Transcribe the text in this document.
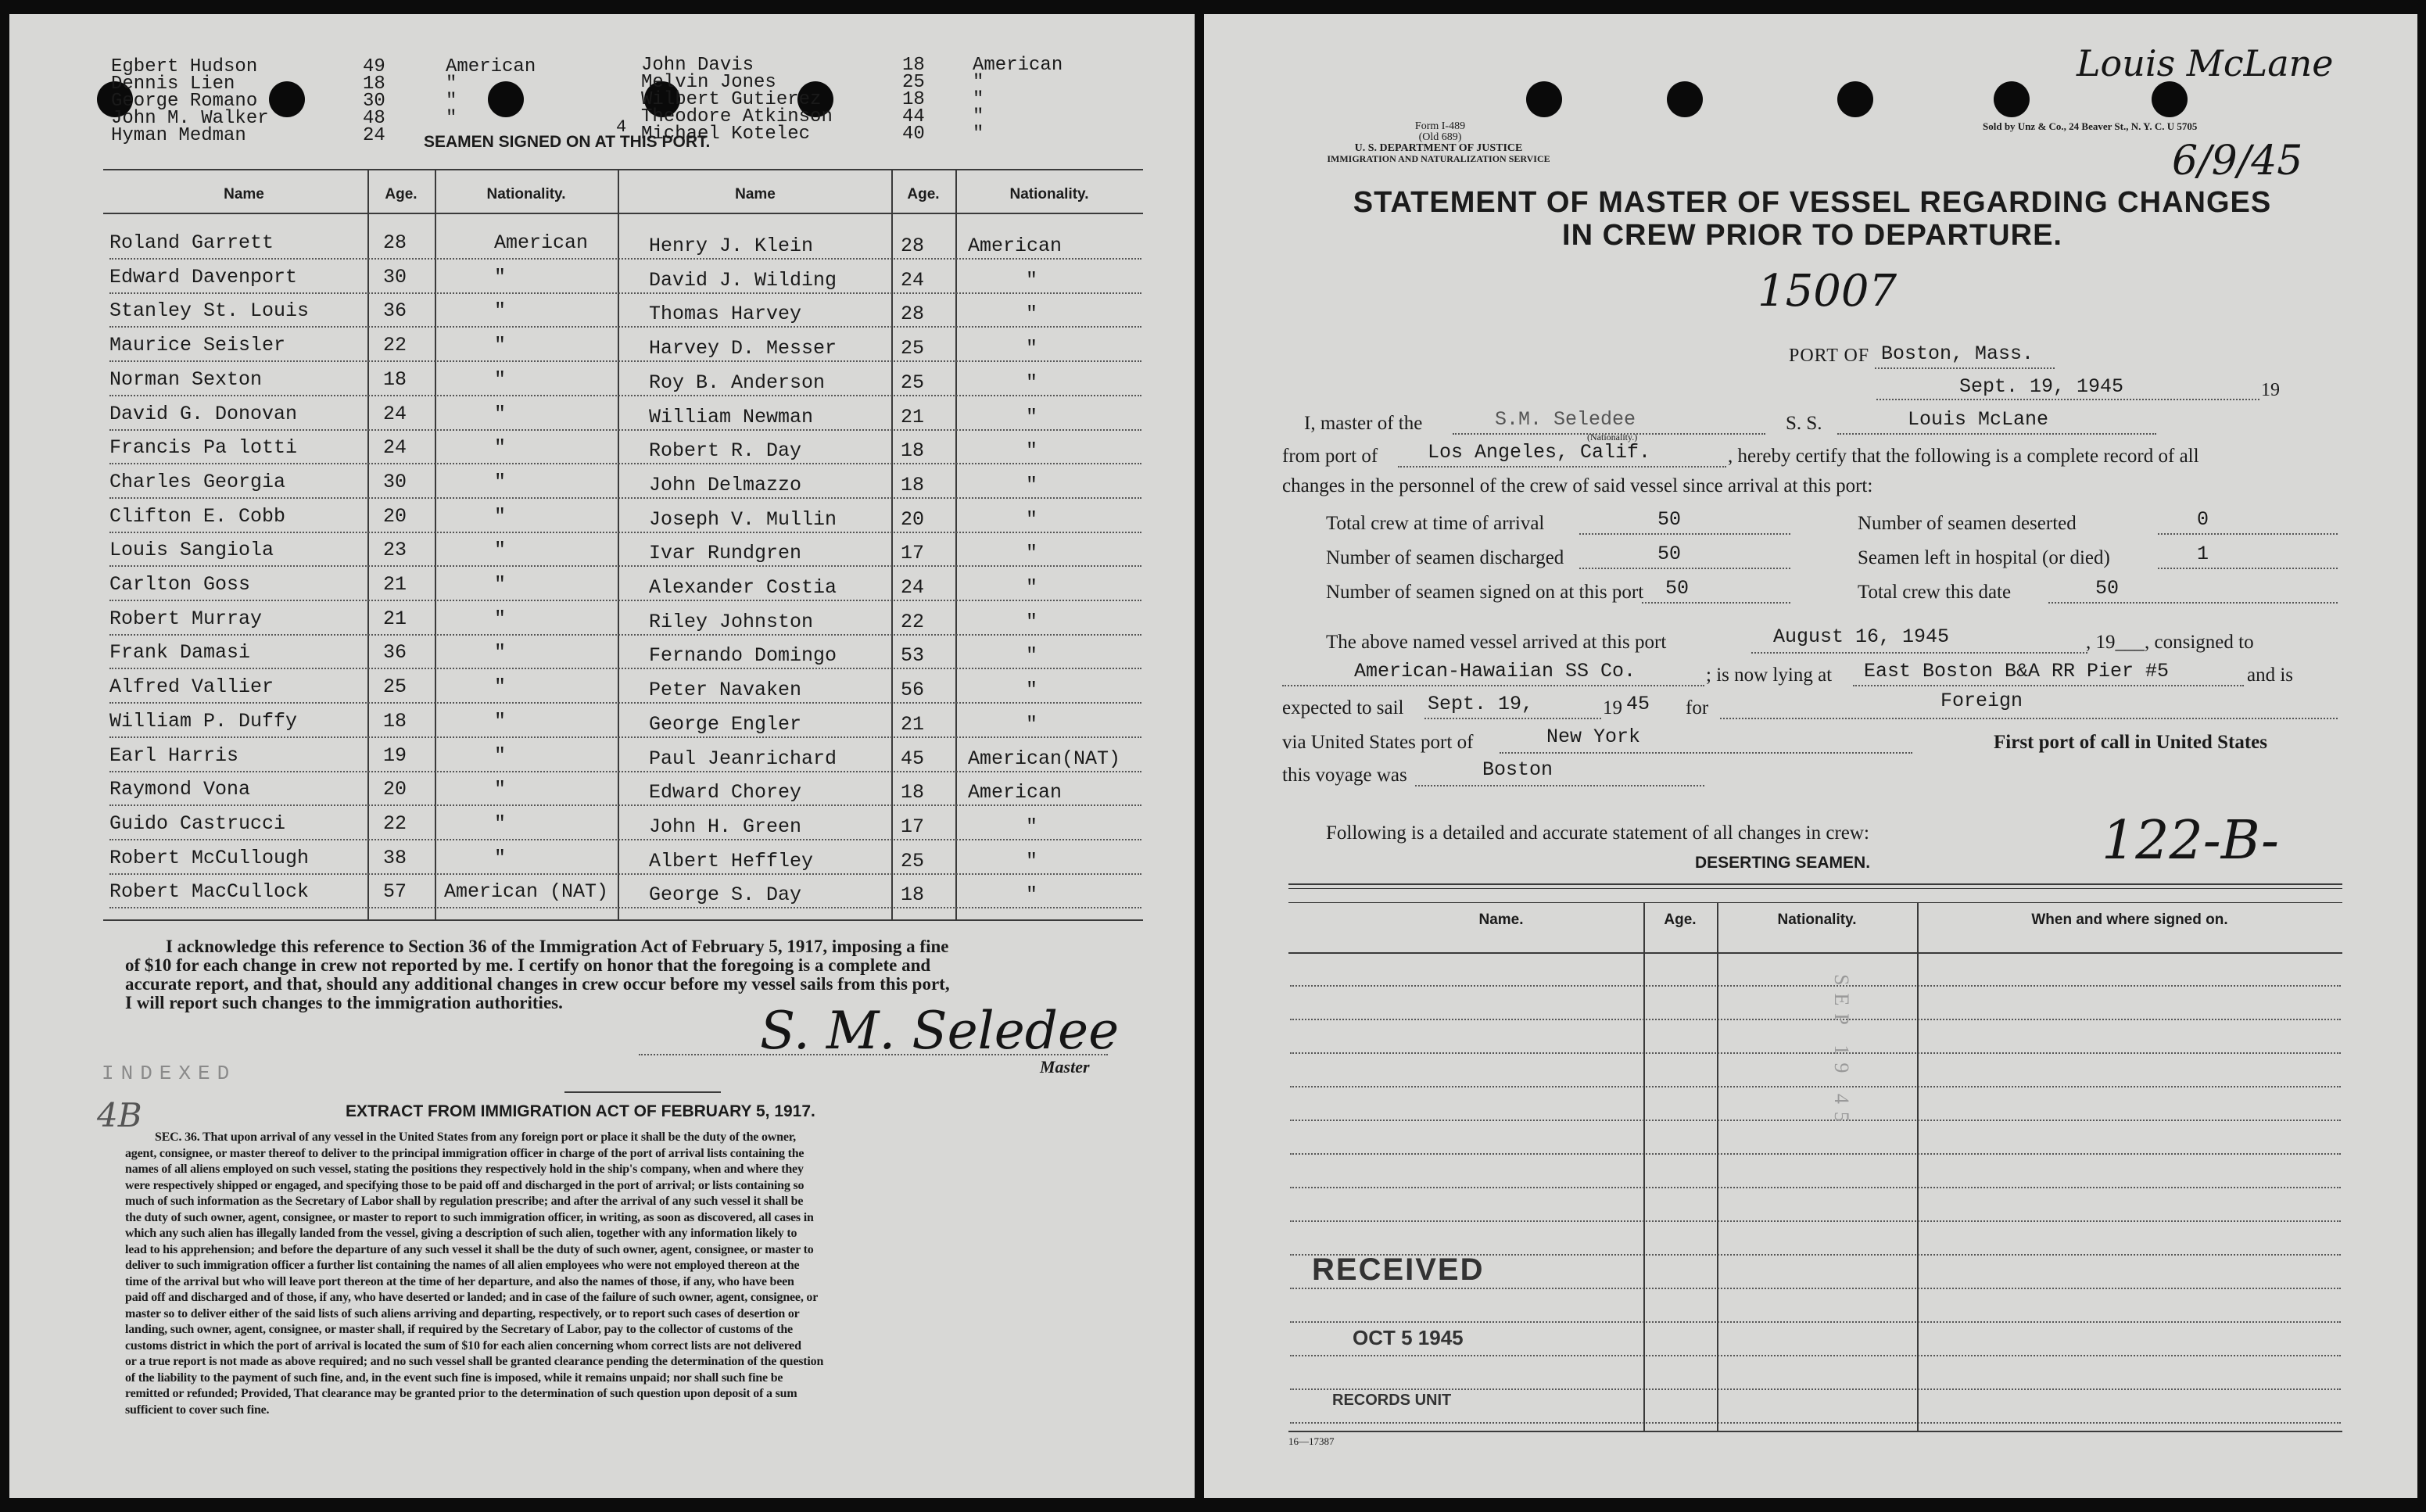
Egbert Hudson	49	American
Dennis Lien	18	"
George Romano	30	"
John M. Walker	48	"
Hyman Medman	24
John Davis	18	American
Melvin Jones	25	"
Wilbert Gutierez	18	"
Theodore Atkinson	44	"
Michael Kotelec	40	"
4
SEAMEN SIGNED ON AT THIS PORT.
Name	Age.	Nationality.	Name	Age.	Nationality.
Roland Garrett	28	American	Henry J. Klein	28 American
Edward Davenport	30	"	David J. Wilding	24	"
Stanley St. Louis	36	"	Thomas Harvey	28	"
Maurice Seisler	22	"	Harvey D. Messer	25	"
Norman Sexton	18	"	Roy B. Anderson	25	"
David G. Donovan	24	"	William Newman	21	"
Francis Pa lotti	24	"	Robert R. Day	18	"
Charles Georgia	30	"	John Delmazzo	18	"
Clifton E. Cobb	20	"	Joseph V. Mullin	20	"
Louis Sangiola	23	"	Ivar Rundgren	17	"
Carlton Goss	21	"	Alexander Costia	24	"
Robert Murray	21	"	Riley Johnston	22	"
Frank Damasi	36	"	Fernando Domingo	53	"
Alfred Vallier	25	"	Peter Navaken	56	"
William P. Duffy	18	"	George Engler	21	"
Earl Harris	19	"	Paul Jeanrichard	45 American(NAT)
Raymond Vona	20	"	Edward Chorey	18 American
Guido Castrucci	22	"	John H. Green	17	"
Robert McCullough	38	"	Albert Heffley	25	"
Robert MacCullock	57 American (NAT) George S. Day	18	"
I acknowledge this reference to Section 36 of the Immigration Act of February 5, 1917, imposing a fine
of $10 for each change in crew not reported by me. I certify on honor that the foregoing is a complete and
accurate report, and that, should any additional changes in crew occur before my vessel sails from this port,
I will report such changes to the immigration authorities.	S. M. Seledee
Master
INDEXED
4B	EXTRACT FROM IMMIGRATION ACT OF FEBRUARY 5, 1917.
SEC. 36. That upon arrival of any vessel in the United States from any foreign port or place it shall be the duty of the owner,
agent, consignee, or master thereof to deliver to the principal immigration officer in charge of the port of arrival lists containing the
names of all aliens employed on such vessel, stating the positions they respectively hold in the ship's company, when and where they
were respectively shipped or engaged, and specifying those to be paid off and discharged in the port of arrival; or lists containing so
much of such information as the Secretary of Labor shall by regulation prescribe; and after the arrival of any such vessel it shall be
the duty of such owner, agent, consignee, or master to report to such immigration officer, in writing, as soon as discovered, all cases in
which any such alien has illegally landed from the vessel, giving a description of such alien, together with any information likely to
lead to his apprehension; and before the departure of any such vessel it shall be the duty of such owner, agent, consignee, or master to
deliver to such immigration officer a further list containing the names of all alien employees who were not employed thereon at the
time of the arrival but who will leave port thereon at the time of her departure, and also the names of those, if any, who have been
paid off and discharged and of those, if any, who have deserted or landed; and in case of the failure of such owner, agent, consignee, or
master so to deliver either of the said lists of such aliens arriving and departing, respectively, or to report such cases of desertion or
landing, such owner, agent, consignee, or master shall, if required by the Secretary of Labor, pay to the collector of customs of the
customs district in which the port of arrival is located the sum of $10 for each alien concerning whom correct lists are not delivered
or a true report is not made as above required; and no such vessel shall be granted clearance pending the determination of the question
of the liability to the payment of such fine, and, in the event such fine is imposed, while it remains unpaid; nor shall such fine be
remitted or refunded; Provided, That clearance may be granted prior to the determination of such question upon deposit of a sum
sufficient to cover such fine.
Louis McLane
6/9/45
Form I-489
(Old 689)
U. S. DEPARTMENT OF JUSTICE
IMMIGRATION AND NATURALIZATION SERVICE
Sold by Unz & Co., 24 Beaver St., N. Y. C. U 5705
STATEMENT OF MASTER OF VESSEL REGARDING CHANGES
IN CREW PRIOR TO DEPARTURE.
15007
PORT OF Boston, Mass.
Sept. 19, 1945	19
I, master of the	S.M. Seledee
(Nationality.)
S. S.	Louis McLane
from port of	Los Angeles, Calif.	, hereby certify that the following is a complete record of all
changes in the personnel of the crew of said vessel since arrival at this port:
Total crew at time of arrival	50
Number of seamen discharged	50
Number of seamen signed on at this port 50
Number of seamen deserted	0
Seamen left in hospital (or died)	1
Total crew this date	50
The above named vessel arrived at this port	August 16, 1945	, 19___, consigned to
American-Hawaiian SS Co.	; is now lying at East Boston B&A RR Pier #5	and is
expected to sail Sept. 19,	19 45 for	Foreign
via United States port of	New York	First port of call in United States
this voyage was	Boston
Following is a detailed and accurate statement of all changes in crew:
DESERTING SEAMEN.	122-B-
Name.	Age.	Nationality.	When and where signed on.
RECEIVED
OCT 5 1945
RECORDS UNIT
SEP 19 45
16—17387
